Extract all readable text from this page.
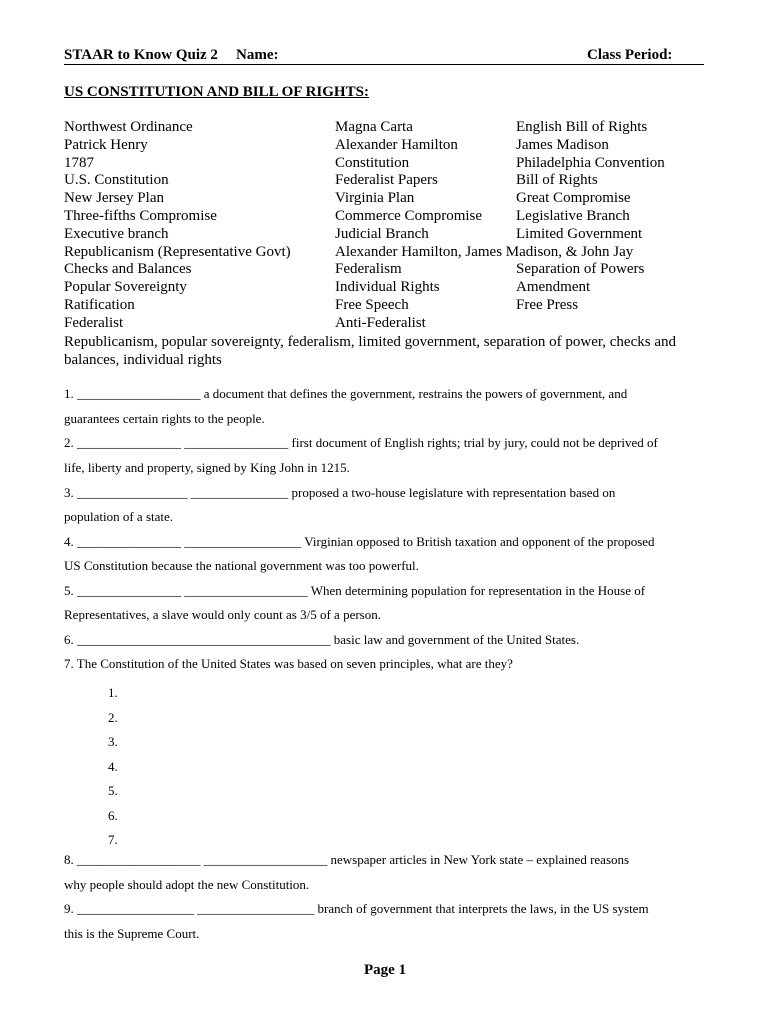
STAAR to Know Quiz 2 Name:	Class Period:
US CONSTITUTION AND BILL OF RIGHTS:
Northwest Ordinance
Patrick Henry
1787
U.S. Constitution
New Jersey Plan
Three-fifths Compromise
Executive branch
Republicanism (Representative Govt)
Checks and Balances
Popular Sovereignty
Ratification
Federalist
Magna Carta
Alexander Hamilton
Constitution
Federalist Papers
Virginia Plan
Commerce Compromise
Judicial Branch
Alexander Hamilton, James Madison, & John Jay
Federalism
Individual Rights
Free Speech
Anti-Federalist
English Bill of Rights
James Madison
Philadelphia Convention
Bill of Rights
Great Compromise
Legislative Branch
Limited Government
Separation of Powers
Amendment
Free Press
Republicanism, popular sovereignty, federalism, limited government, separation of power, checks and
balances, individual rights
1. ___________________ a document that defines the government, restrains the powers of government, and
guarantees certain rights to the people.
2. ________________ ________________ first document of English rights; trial by jury, could not be deprived of
life, liberty and property, signed by King John in 1215.
3. _________________ _______________ proposed a two-house legislature with representation based on
population of a state.
4. ________________ __________________ Virginian opposed to British taxation and opponent of the proposed
US Constitution because the national government was too powerful.
5. ________________ ___________________ When determining population for representation in the House of
Representatives, a slave would only count as 3/5 of a person.
6. _______________________________________ basic law and government of the United States.
7. The Constitution of the United States was based on seven principles, what are they?
1.
2.
3.
4.
5.
6.
7.
8. ___________________ ___________________ newspaper articles in New York state – explained reasons
why people should adopt the new Constitution.
9. __________________ __________________ branch of government that interprets the laws, in the US system
this is the Supreme Court.
Page 1
